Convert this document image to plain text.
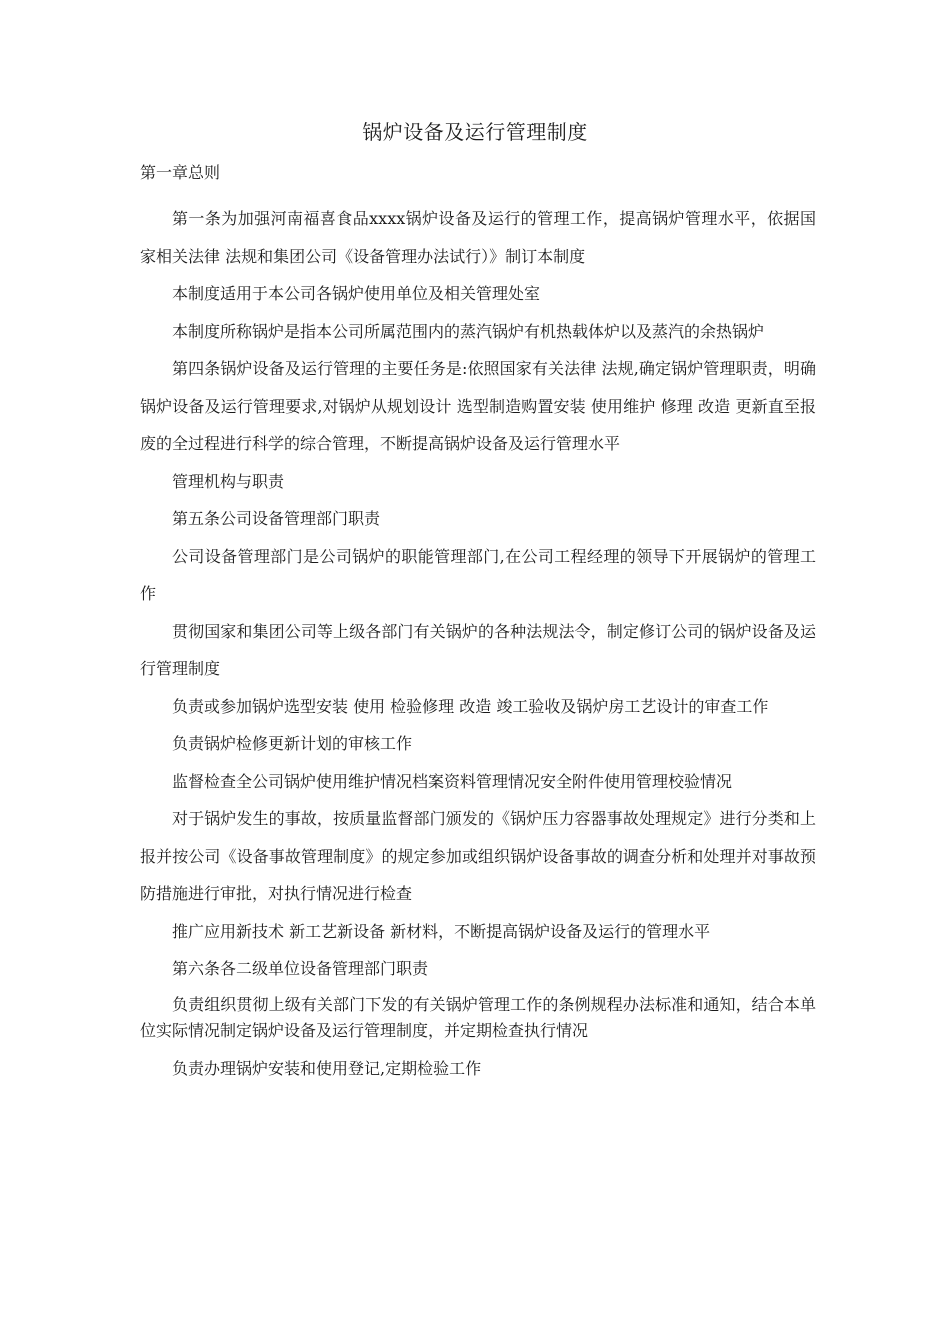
锅炉设备及运行管理制度
第一章总则

第一条为加强河南福喜食品xxxx锅炉设备及运行的管理工作，提高锅炉管理水平，依据国家相关法律 法规和集团公司《设备管理办法试行）》制订本制度

本制度适用于本公司各锅炉使用单位及相关管理处室

本制度所称锅炉是指本公司所属范围内的蒸汽锅炉有机热载体炉以及蒸汽的余热锅炉

第四条锅炉设备及运行管理的主要任务是:依照国家有关法律 法规,确定锅炉管理职责，明确锅炉设备及运行管理要求,对锅炉从规划设计 选型制造购置安装 使用维护 修理 改造 更新直至报废的全过程进行科学的综合管理，不断提高锅炉设备及运行管理水平

管理机构与职责

第五条公司设备管理部门职责

公司设备管理部门是公司锅炉的职能管理部门,在公司工程经理的领导下开展锅炉的管理工作

贯彻国家和集团公司等上级各部门有关锅炉的各种法规法令，制定修订公司的锅炉设备及运行管理制度

负责或参加锅炉选型安装 使用 检验修理 改造 竣工验收及锅炉房工艺设计的审查工作

负责锅炉检修更新计划的审核工作

监督检查全公司锅炉使用维护情况档案资料管理情况安全附件使用管理校验情况

对于锅炉发生的事故，按质量监督部门颁发的《锅炉压力容器事故处理规定》进行分类和上报并按公司《设备事故管理制度》的规定参加或组织锅炉设备事故的调查分析和处理并对事故预防措施进行审批，对执行情况进行检查

推广应用新技术 新工艺新设备 新材料，不断提高锅炉设备及运行的管理水平

第六条各二级单位设备管理部门职责

负责组织贯彻上级有关部门下发的有关锅炉管理工作的条例规程办法标准和通知，结合本单位实际情况制定锅炉设备及运行管理制度，并定期检查执行情况

负责办理锅炉安装和使用登记,定期检验工作
